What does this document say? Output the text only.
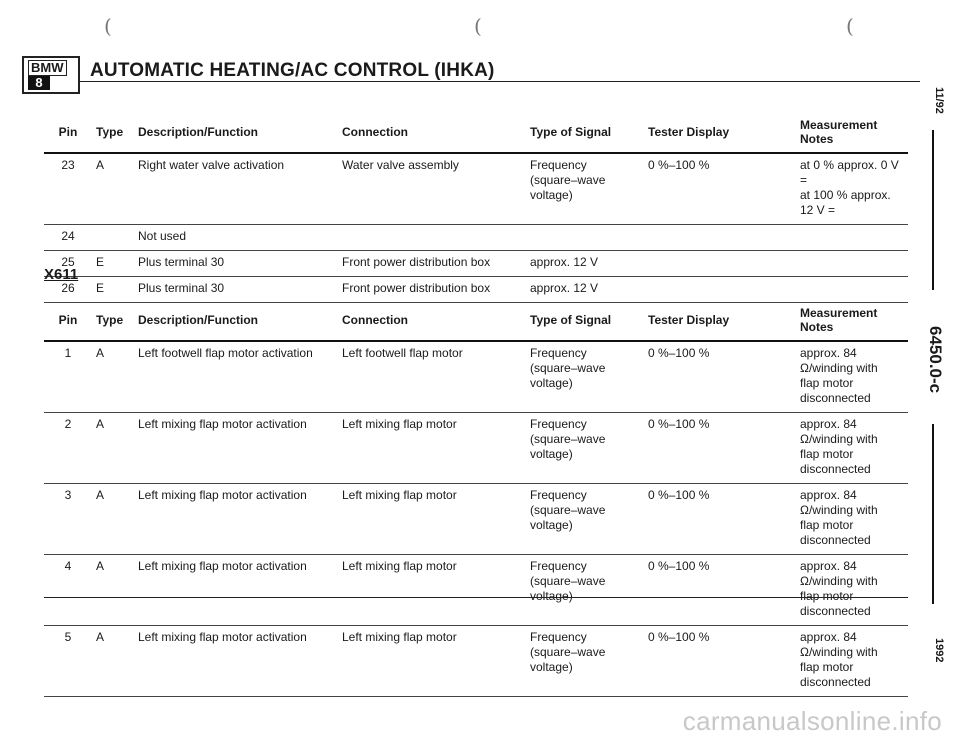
(	(	(
BMW
8
AUTOMATIC HEATING/AC CONTROL (IHKA)
Pin	Type	Description/Function	Connection	Type of Signal	Tester Display	Measurement Notes
23	A	Right water valve activation	Water valve assembly	Frequency
(square–wave
voltage)	0 %–100 %	at 0 % approx. 0 V =
at 100 % approx. 12 V =
24		Not used				
25	E	Plus terminal 30	Front power distribution box	approx. 12 V		
26	E	Plus terminal 30	Front power distribution box	approx. 12 V		
X611
Pin	Type	Description/Function	Connection	Type of Signal	Tester Display	Measurement Notes
1	A	Left footwell flap motor activation	Left footwell flap motor	Frequency
(square–wave
voltage)	0 %–100 %	approx. 84 Ω/winding with
flap motor disconnected
2	A	Left mixing flap motor activation	Left mixing flap motor	Frequency
(square–wave
voltage)	0 %–100 %	approx. 84 Ω/winding with
flap motor disconnected
3	A	Left mixing flap motor activation	Left mixing flap motor	Frequency
(square–wave
voltage)	0 %–100 %	approx. 84 Ω/winding with
flap motor disconnected
4	A	Left mixing flap motor activation	Left mixing flap motor	Frequency
(square–wave
voltage)	0 %–100 %	approx. 84 Ω/winding with
flap motor disconnected
5	A	Left mixing flap motor activation	Left mixing flap motor	Frequency
(square–wave
voltage)	0 %–100 %	approx. 84 Ω/winding with
flap motor disconnected
11/92
6450.0-c
1992
carmanualsonline.info
